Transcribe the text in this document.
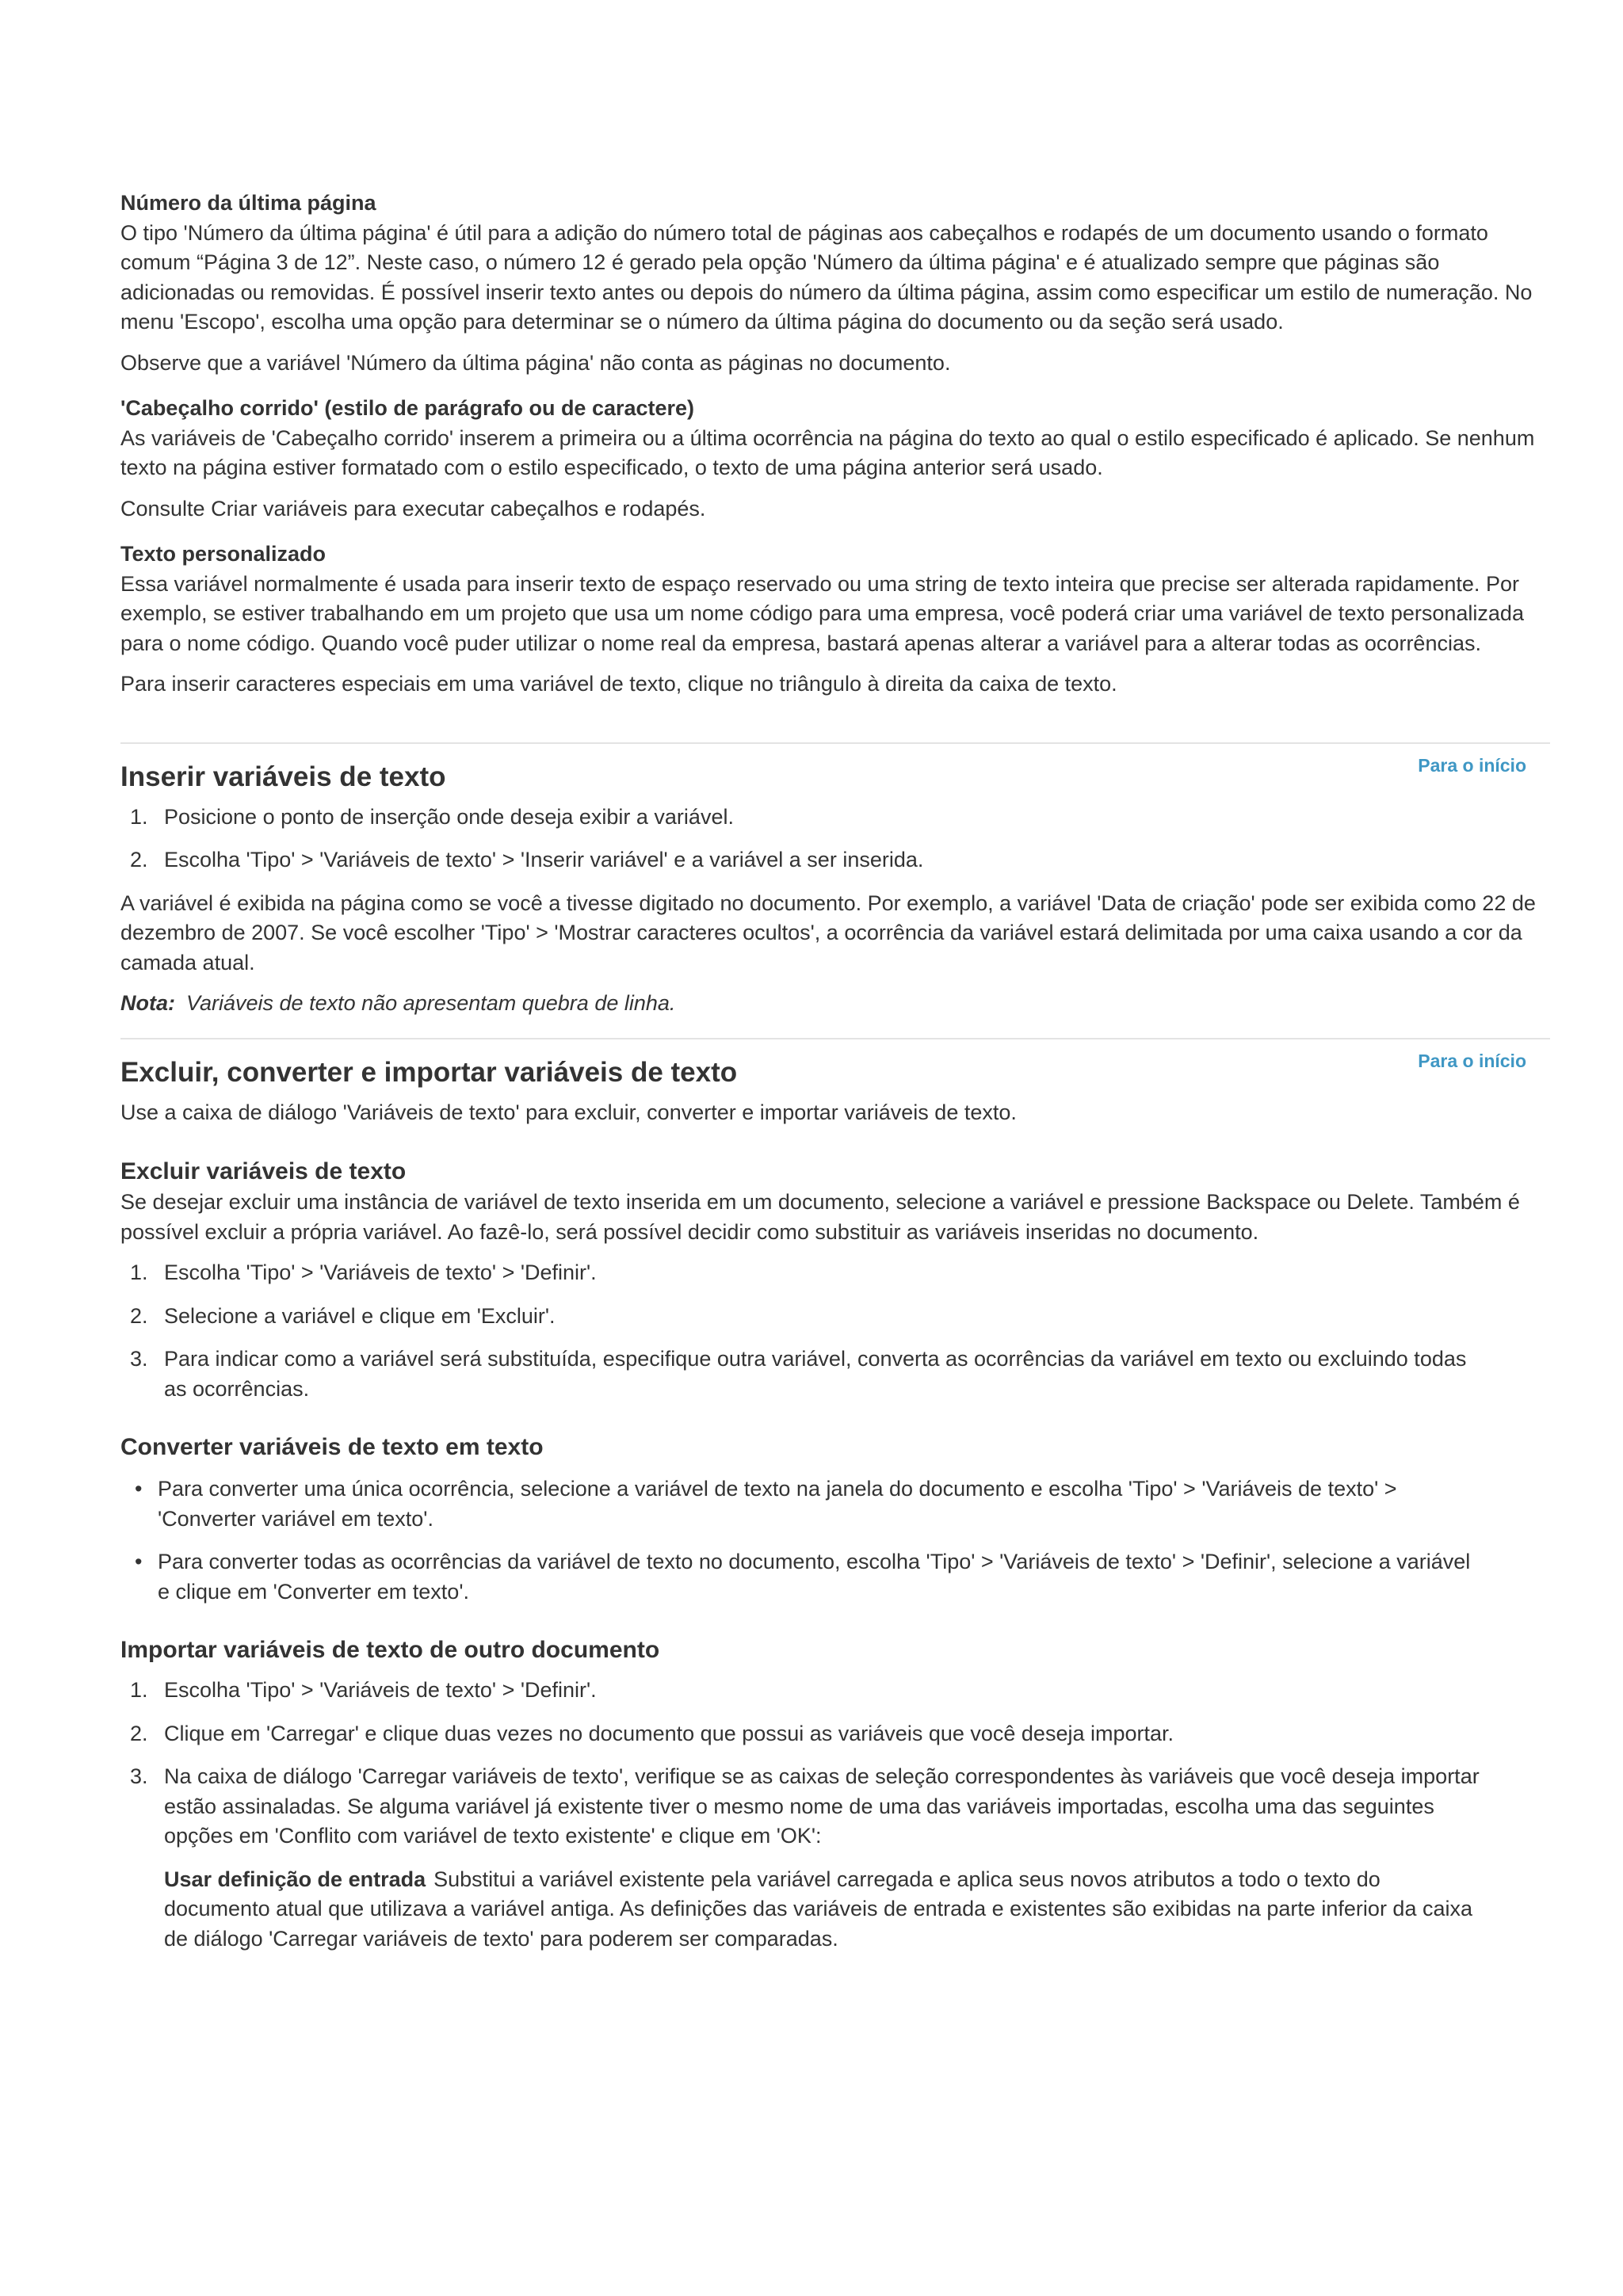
Número da última página

O tipo 'Número da última página' é útil para a adição do número total de páginas aos cabeçalhos e rodapés de um documento usando o formato comum “Página 3 de 12”. Neste caso, o número 12 é gerado pela opção 'Número da última página' e é atualizado sempre que páginas são adicionadas ou removidas. É possível inserir texto antes ou depois do número da última página, assim como especificar um estilo de numeração. No menu 'Escopo', escolha uma opção para determinar se o número da última página do documento ou da seção será usado.

Observe que a variável 'Número da última página' não conta as páginas no documento.

'Cabeçalho corrido' (estilo de parágrafo ou de caractere)

As variáveis de 'Cabeçalho corrido' inserem a primeira ou a última ocorrência na página do texto ao qual o estilo especificado é aplicado. Se nenhum texto na página estiver formatado com o estilo especificado, o texto de uma página anterior será usado.

Consulte Criar variáveis para executar cabeçalhos e rodapés.

Texto personalizado

Essa variável normalmente é usada para inserir texto de espaço reservado ou uma string de texto inteira que precise ser alterada rapidamente. Por exemplo, se estiver trabalhando em um projeto que usa um nome código para uma empresa, você poderá criar uma variável de texto personalizada para o nome código. Quando você puder utilizar o nome real da empresa, bastará apenas alterar a variável para a alterar todas as ocorrências.

Para inserir caracteres especiais em uma variável de texto, clique no triângulo à direita da caixa de texto.

Para o início
Inserir variáveis de texto
1. Posicione o ponto de inserção onde deseja exibir a variável.
2. Escolha 'Tipo' > 'Variáveis de texto' > 'Inserir variável' e a variável a ser inserida.

A variável é exibida na página como se você a tivesse digitado no documento. Por exemplo, a variável 'Data de criação' pode ser exibida como 22 de dezembro de 2007. Se você escolher 'Tipo' > 'Mostrar caracteres ocultos', a ocorrência da variável estará delimitada por uma caixa usando a cor da camada atual.

Nota: Variáveis de texto não apresentam quebra de linha.

Para o início
Excluir, converter e importar variáveis de texto

Use a caixa de diálogo 'Variáveis de texto' para excluir, converter e importar variáveis de texto.

Excluir variáveis de texto

Se desejar excluir uma instância de variável de texto inserida em um documento, selecione a variável e pressione Backspace ou Delete. Também é possível excluir a própria variável. Ao fazê-lo, será possível decidir como substituir as variáveis inseridas no documento.

1. Escolha 'Tipo' > 'Variáveis de texto' > 'Definir'.
2. Selecione a variável e clique em 'Excluir'.
3. Para indicar como a variável será substituída, especifique outra variável, converta as ocorrências da variável em texto ou excluindo todas as ocorrências.
Converter variáveis de texto em texto
• Para converter uma única ocorrência, selecione a variável de texto na janela do documento e escolha 'Tipo' > 'Variáveis de texto' > 'Converter variável em texto'.
• Para converter todas as ocorrências da variável de texto no documento, escolha 'Tipo' > 'Variáveis de texto' > 'Definir', selecione a variável e clique em 'Converter em texto'.
Importar variáveis de texto de outro documento
1. Escolha 'Tipo' > 'Variáveis de texto' > 'Definir'.
2. Clique em 'Carregar' e clique duas vezes no documento que possui as variáveis que você deseja importar.
3. Na caixa de diálogo 'Carregar variáveis de texto', verifique se as caixas de seleção correspondentes às variáveis que você deseja importar estão assinaladas. Se alguma variável já existente tiver o mesmo nome de uma das variáveis importadas, escolha uma das seguintes opções em 'Conflito com variável de texto existente' e clique em 'OK':
Usar definição de entrada Substitui a variável existente pela variável carregada e aplica seus novos atributos a todo o texto do documento atual que utilizava a variável antiga. As definições das variáveis de entrada e existentes são exibidas na parte inferior da caixa de diálogo 'Carregar variáveis de texto' para poderem ser comparadas.
